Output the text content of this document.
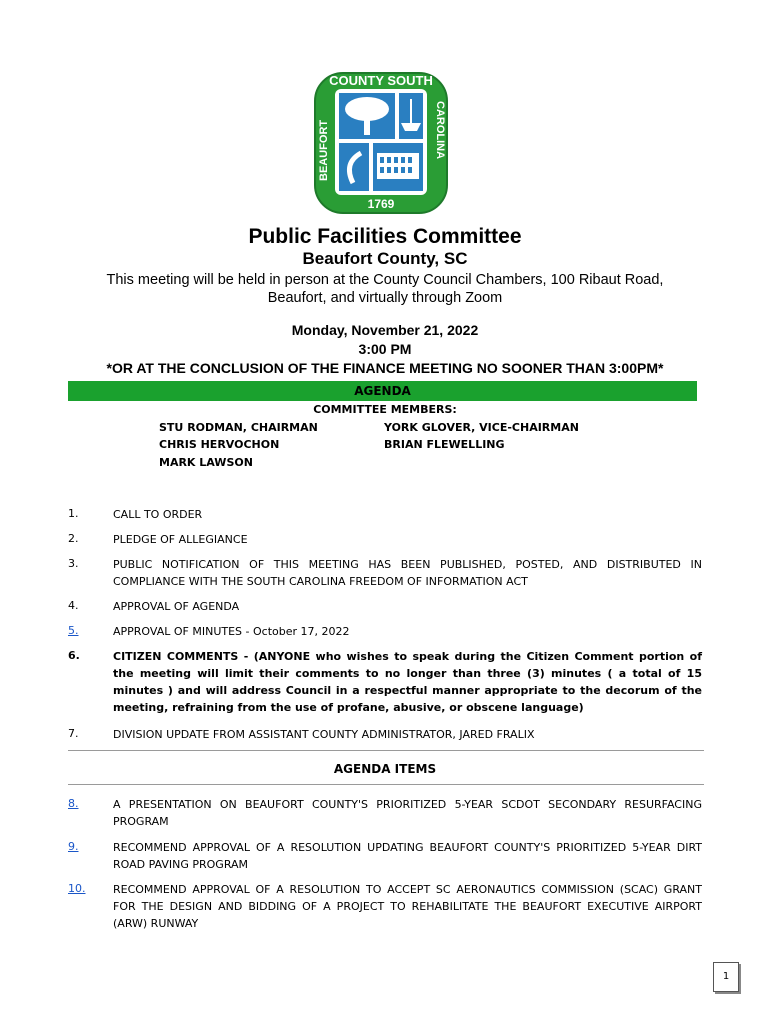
COUNTY SOUTH
BEAUFORT	CAROLINA
1769
Public Facilities Committee
Beaufort County, SC
This meeting will be held in person at the County Council Chambers, 100 Ribaut Road,
Beaufort, and virtually through Zoom
Monday, November 21, 2022
3:00 PM
*OR AT THE CONCLUSION OF THE FINANCE MEETING NO SOONER THAN 3:00PM*
AGENDA
COMMITTEE MEMBERS:
STU RODMAN, CHAIRMAN	YORK GLOVER, VICE-CHAIRMAN
CHRIS HERVOCHON	BRIAN FLEWELLING
MARK LAWSON
1.	CALL TO ORDER
2.	PLEDGE OF ALLEGIANCE
3.	PUBLIC NOTIFICATION OF THIS MEETING HAS BEEN PUBLISHED, POSTED, AND DISTRIBUTED IN COMPLIANCE WITH THE SOUTH CAROLINA FREEDOM OF INFORMATION ACT
4.	APPROVAL OF AGENDA
5.	APPROVAL OF MINUTES - October 17, 2022
6.	CITIZEN COMMENTS - (ANYONE who wishes to speak during the Citizen Comment portion of the meeting will limit their comments to no longer than three (3) minutes ( a total of 15 minutes ) and will address Council in a respectful manner appropriate to the decorum of the meeting, refraining from the use of profane, abusive, or obscene language)
7.	DIVISION UPDATE FROM ASSISTANT COUNTY ADMINISTRATOR, JARED FRALIX
AGENDA ITEMS
8.	A PRESENTATION ON BEAUFORT COUNTY'S PRIORITIZED 5-YEAR SCDOT SECONDARY RESURFACING PROGRAM
9.	RECOMMEND APPROVAL OF A RESOLUTION UPDATING BEAUFORT COUNTY'S PRIORITIZED 5-YEAR DIRT ROAD PAVING PROGRAM
10.	RECOMMEND APPROVAL OF A RESOLUTION TO ACCEPT SC AERONAUTICS COMMISSION (SCAC) GRANT FOR THE DESIGN AND BIDDING OF A PROJECT TO REHABILITATE THE BEAUFORT EXECUTIVE AIRPORT (ARW) RUNWAY
1
